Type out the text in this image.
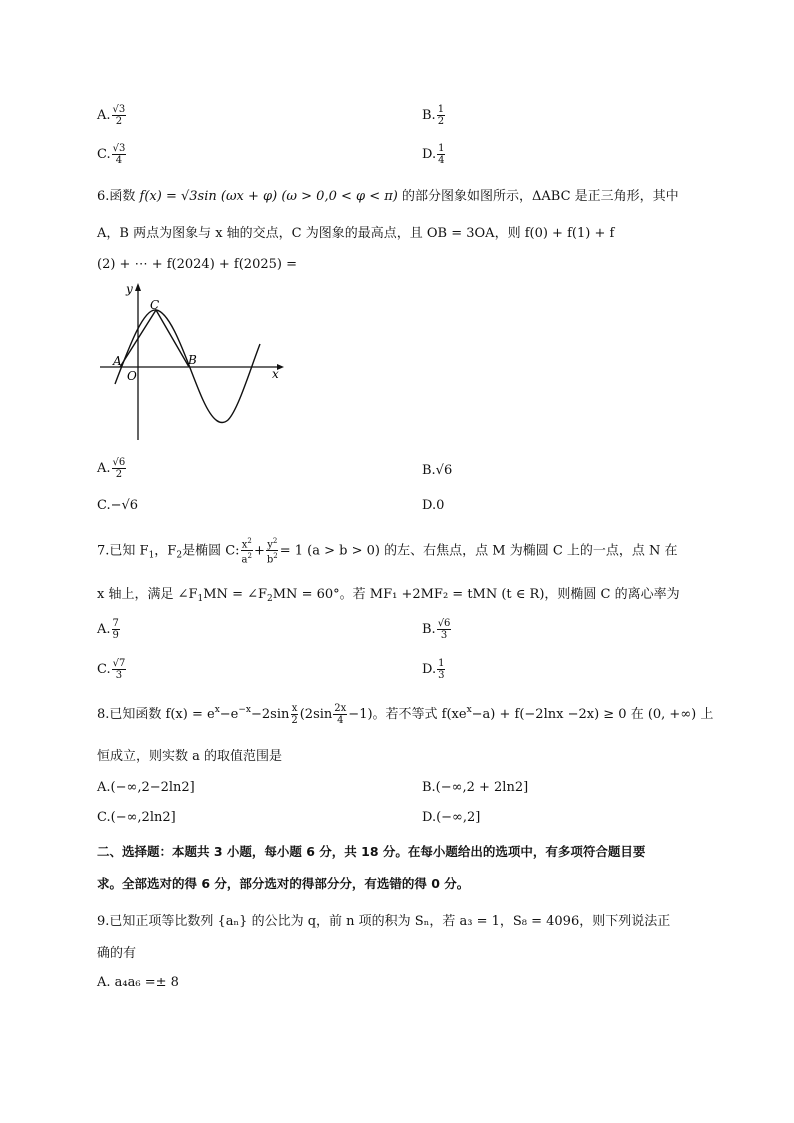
A. $\frac{√3}{2}$	B. $\frac{1}{2}$
C. $\frac{√3}{4}$	D. $\frac{1}{4}$
6.函数 f(x) = √3sin (ωx + φ) (ω > 0,0 < φ < π) 的部分图象如图所示，ΔABC 是正三角形，其中
A，B 两点为图象与 x 轴的交点，C 为图象的最高点，且 OB = 3OA，则 f(0) + f(1) + f
(2) + ⋯ + f(2024) + f(2025) =
y
x
C
A
O
B
A. $\frac{√6}{2}$	B.√6
C.−√6	D.0
7.已知 $F_1$，$F_2$是椭圆 C: $\frac{x^2}{a^2} + \frac{y^2}{b^2} = 1$ (a > b > 0) 的左、右焦点，点 M 为椭圆 C 上的一点，点 N 在
x 轴上，满足 $\angle F_1MN$ = $\angle F_2MN = 60^\circ$。若 MF₁ +2MF₂ = tMN (t ∈ R)，则椭圆 C 的离心率为
A. $\frac{7}{9}$	B. $\frac{√6}{3}$
C. $\frac{√7}{3}$	D. $\frac{1}{3}$
8.已知函数 $f(x) = e^x-e^{-x}-2\sin \frac{x}{2} (2\sin \frac{2x}{4} -1)$。若不等式 $f(xe^x-a) + f(-2\ln x -2x) \ge 0$ 在 (0, +∞) 上
恒成立，则实数 a 的取值范围是
A.(−∞,2−2ln2]	B.(−∞,2 + 2ln2]
C.(−∞,2ln2]	D.(−∞,2]
二、选择题：本题共 3 小题，每小题 6 分，共 18 分。在每小题给出的选项中，有多项符合题目要
求。全部选对的得 6 分，部分选对的得部分分，有选错的得 0 分。
9.已知正项等比数列 {aₙ} 的公比为 q，前 n 项的积为 Sₙ，若 a₃ = 1，S₈ = 4096，则下列说法正
确的有
A. a₄a₆ =± 8
